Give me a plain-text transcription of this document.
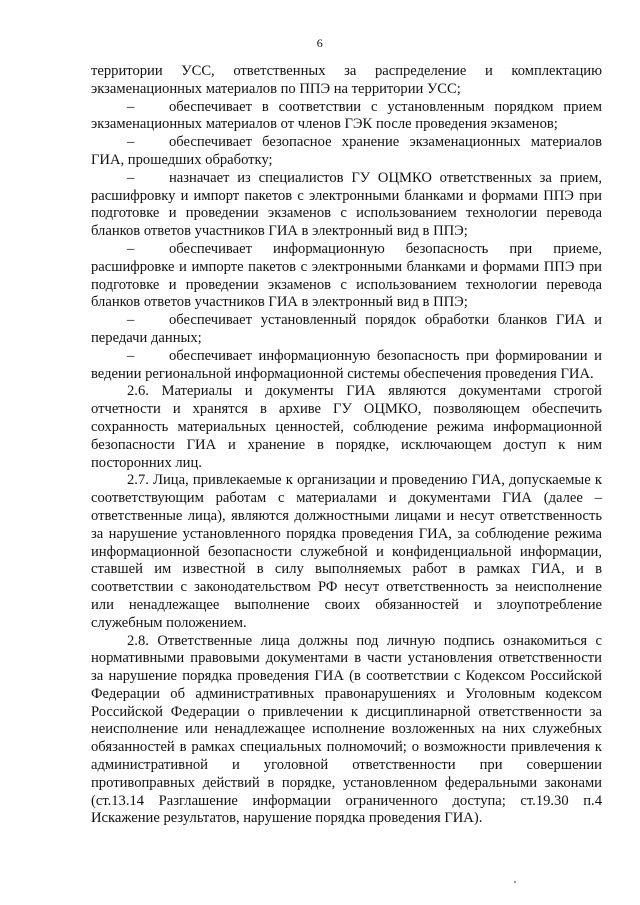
6

территории УСС, ответственных за распределение и комплектацию экзаменационных материалов по ППЭ на территории УСС;

– обеспечивает в соответствии с установленным порядком прием экзаменационных материалов от членов ГЭК после проведения экзаменов;

– обеспечивает безопасное хранение экзаменационных материалов ГИА, прошедших обработку;

– назначает из специалистов ГУ ОЦМКО ответственных за прием, расшифровку и импорт пакетов с электронными бланками и формами ППЭ при подготовке и проведении экзаменов с использованием технологии перевода бланков ответов участников ГИА в электронный вид в ППЭ;

– обеспечивает информационную безопасность при приеме, расшифровке и импорте пакетов с электронными бланками и формами ППЭ при подготовке и проведении экзаменов с использованием технологии перевода бланков ответов участников ГИА в электронный вид в ППЭ;

– обеспечивает установленный порядок обработки бланков ГИА и передачи данных;

– обеспечивает информационную безопасность при формировании и ведении региональной информационной системы обеспечения проведения ГИА.

2.6. Материалы и документы ГИА являются документами строгой отчетности и хранятся в архиве ГУ ОЦМКО, позволяющем обеспечить сохранность материальных ценностей, соблюдение режима информационной безопасности ГИА и хранение в порядке, исключающем доступ к ним посторонних лиц.

2.7. Лица, привлекаемые к организации и проведению ГИА, допускаемые к соответствующим работам с материалами и документами ГИА (далее – ответственные лица), являются должностными лицами и несут ответственность за нарушение установленного порядка проведения ГИА, за соблюдение режима информационной безопасности служебной и конфиденциальной информации, ставшей им известной в силу выполняемых работ в рамках ГИА, и в соответствии с законодательством РФ несут ответственность за неисполнение или ненадлежащее выполнение своих обязанностей и злоупотребление служебным положением.

2.8. Ответственные лица должны под личную подпись ознакомиться с нормативными правовыми документами в части установления ответственности за нарушение порядка проведения ГИА (в соответствии с Кодексом Российской Федерации об административных правонарушениях и Уголовным кодексом Российской Федерации о привлечении к дисциплинарной ответственности за неисполнение или ненадлежащее исполнение возложенных на них служебных обязанностей в рамках специальных полномочий; о возможности привлечения к административной и уголовной ответственности при совершении противоправных действий в порядке, установленном федеральными законами (ст.13.14 Разглашение информации ограниченного доступа; ст.19.30 п.4 Искажение результатов, нарушение порядка проведения ГИА).
